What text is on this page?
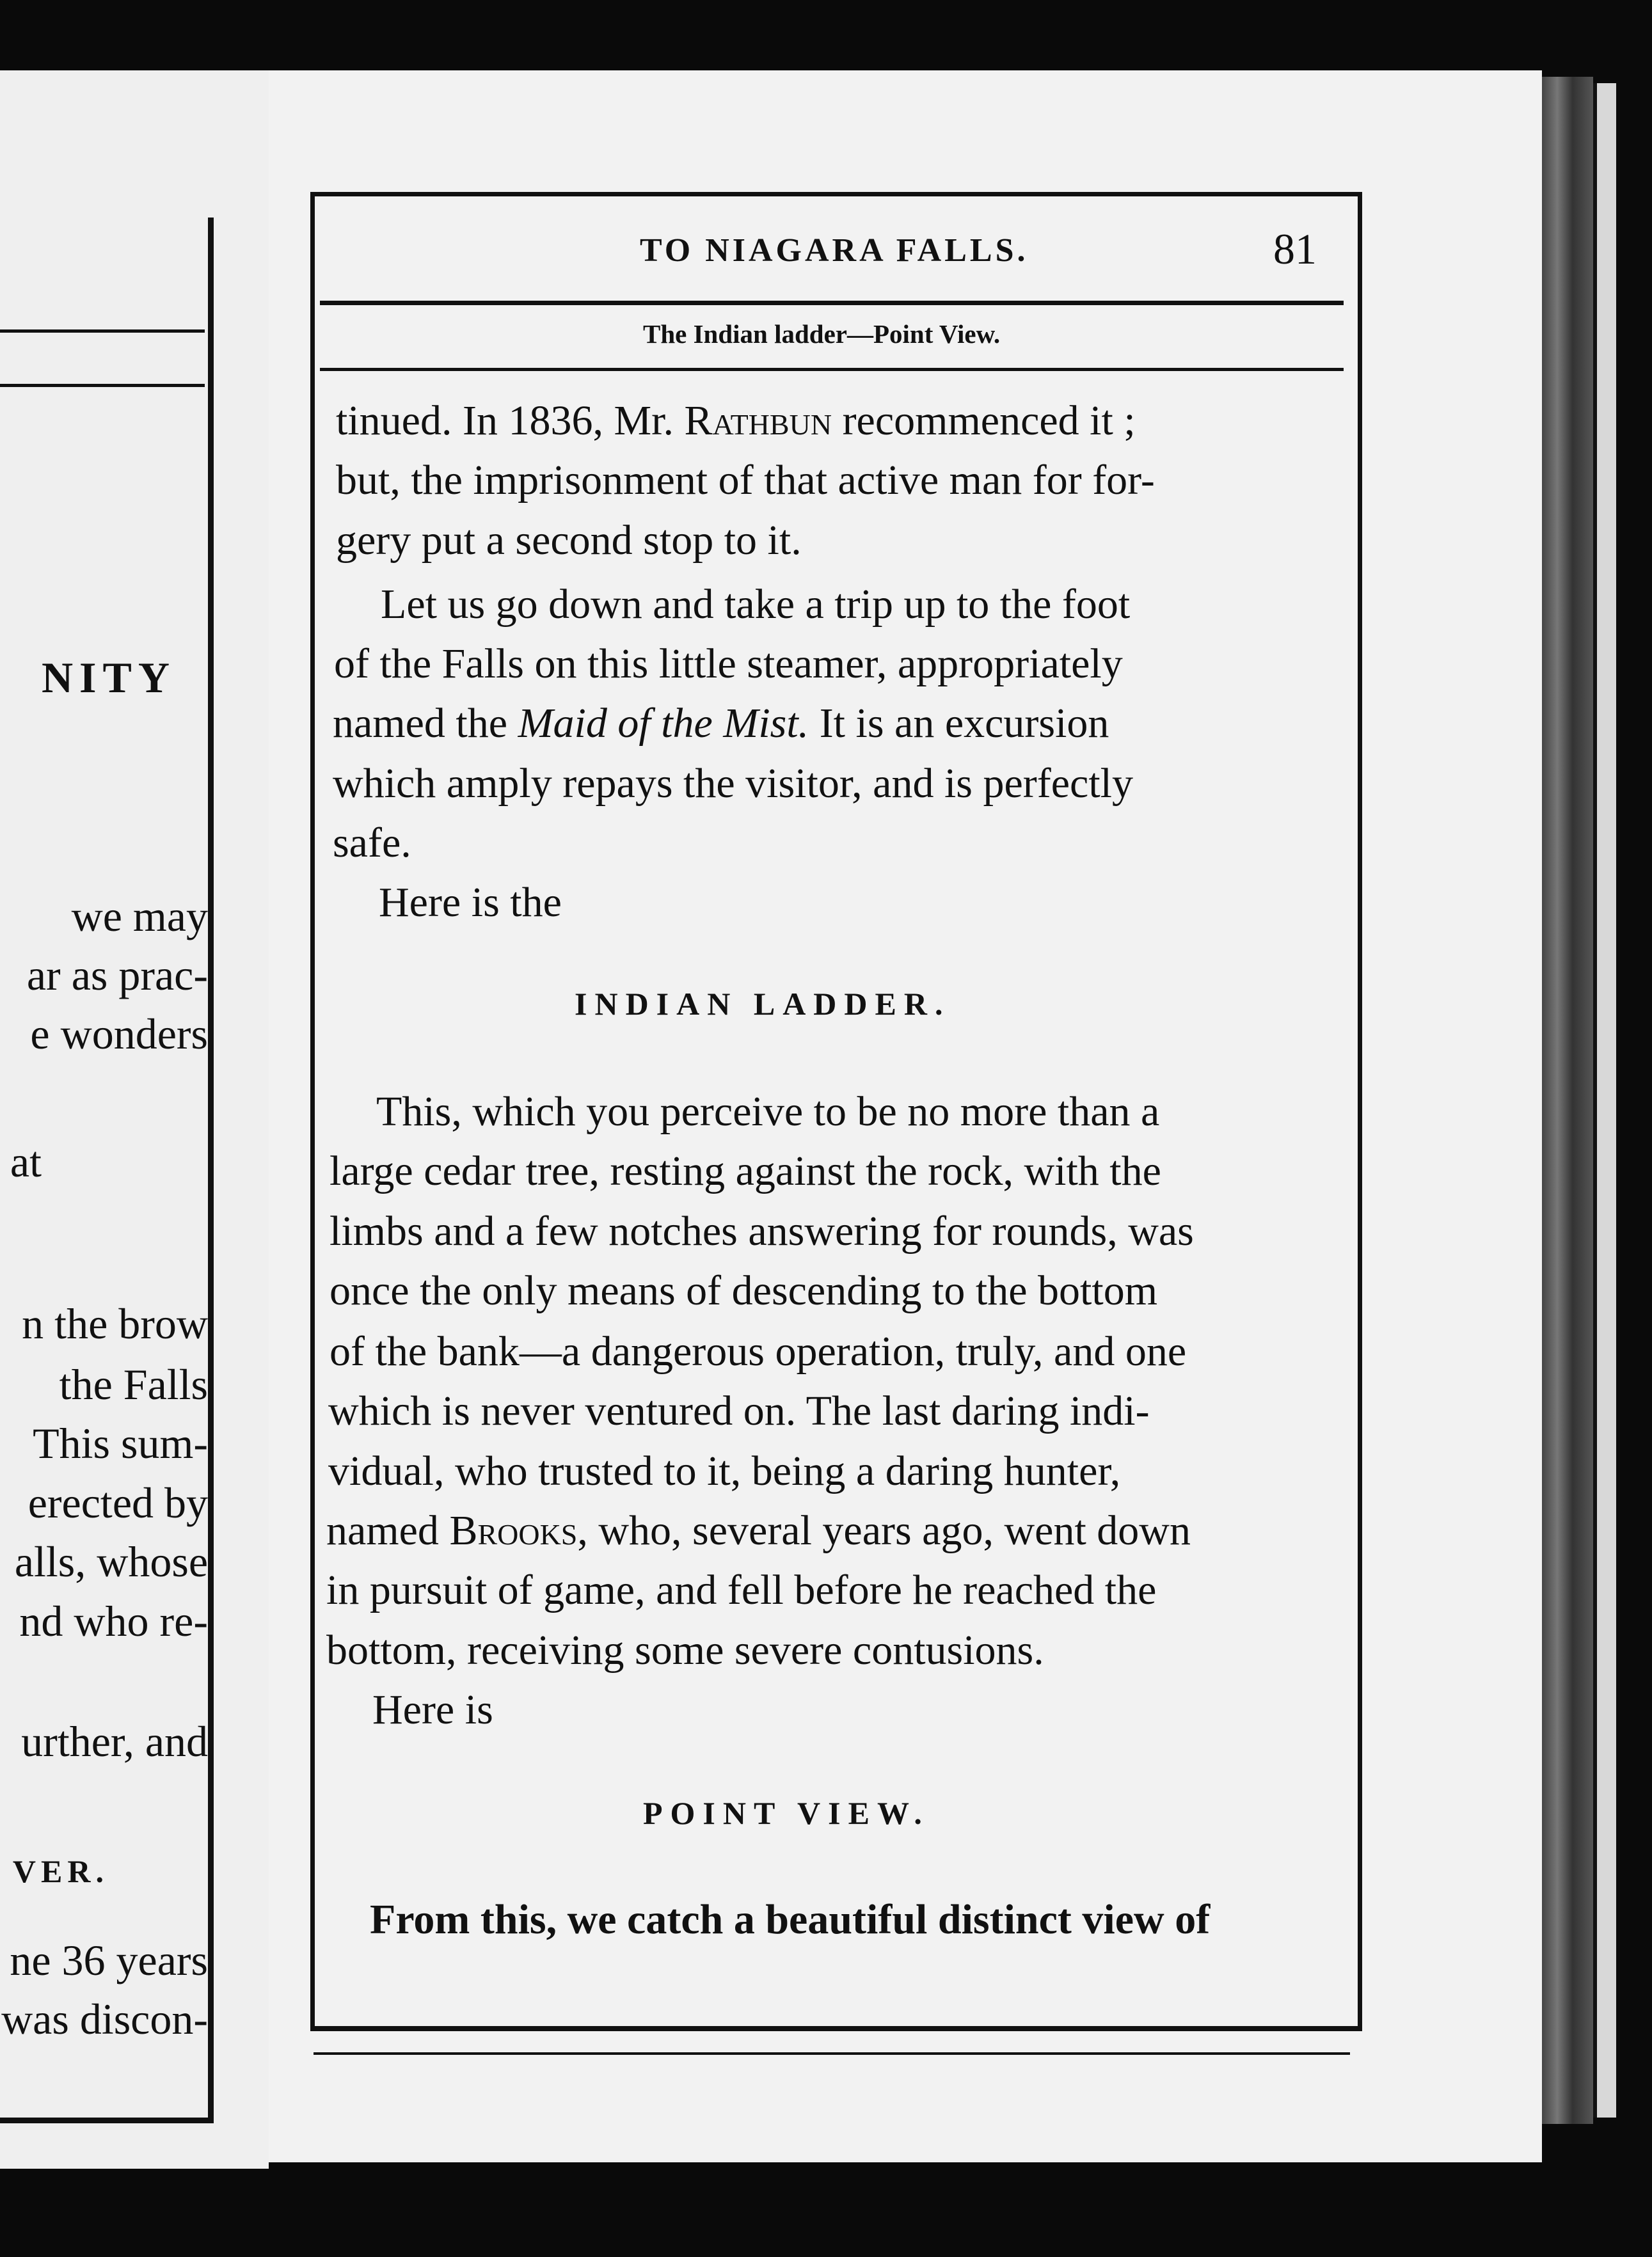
NITY
we may
ar as prac-
e wonders
at
n the brow
the Falls
This sum-
erected by
alls, whose
nd who re-
urther, and
VER.
ne 36 years
was discon-
TO NIAGARA FALLS.	81
The Indian ladder—Point View.
tinued. In 1836, Mr. Rathbun recommenced it ;
but, the imprisonment of that active man for for-
gery put a second stop to it.
Let us go down and take a trip up to the foot
of the Falls on this little steamer, appropriately
named the Maid of the Mist. It is an excursion
which amply repays the visitor, and is perfectly
safe.
Here is the
INDIAN LADDER.
This, which you perceive to be no more than a
large cedar tree, resting against the rock, with the
limbs and a few notches answering for rounds, was
once the only means of descending to the bottom
of the bank—a dangerous operation, truly, and one
which is never ventured on. The last daring indi-
vidual, who trusted to it, being a daring hunter,
named Brooks, who, several years ago, went down
in pursuit of game, and fell before he reached the
bottom, receiving some severe contusions.
Here is
POINT VIEW.
From this, we catch a beautiful distinct view of
